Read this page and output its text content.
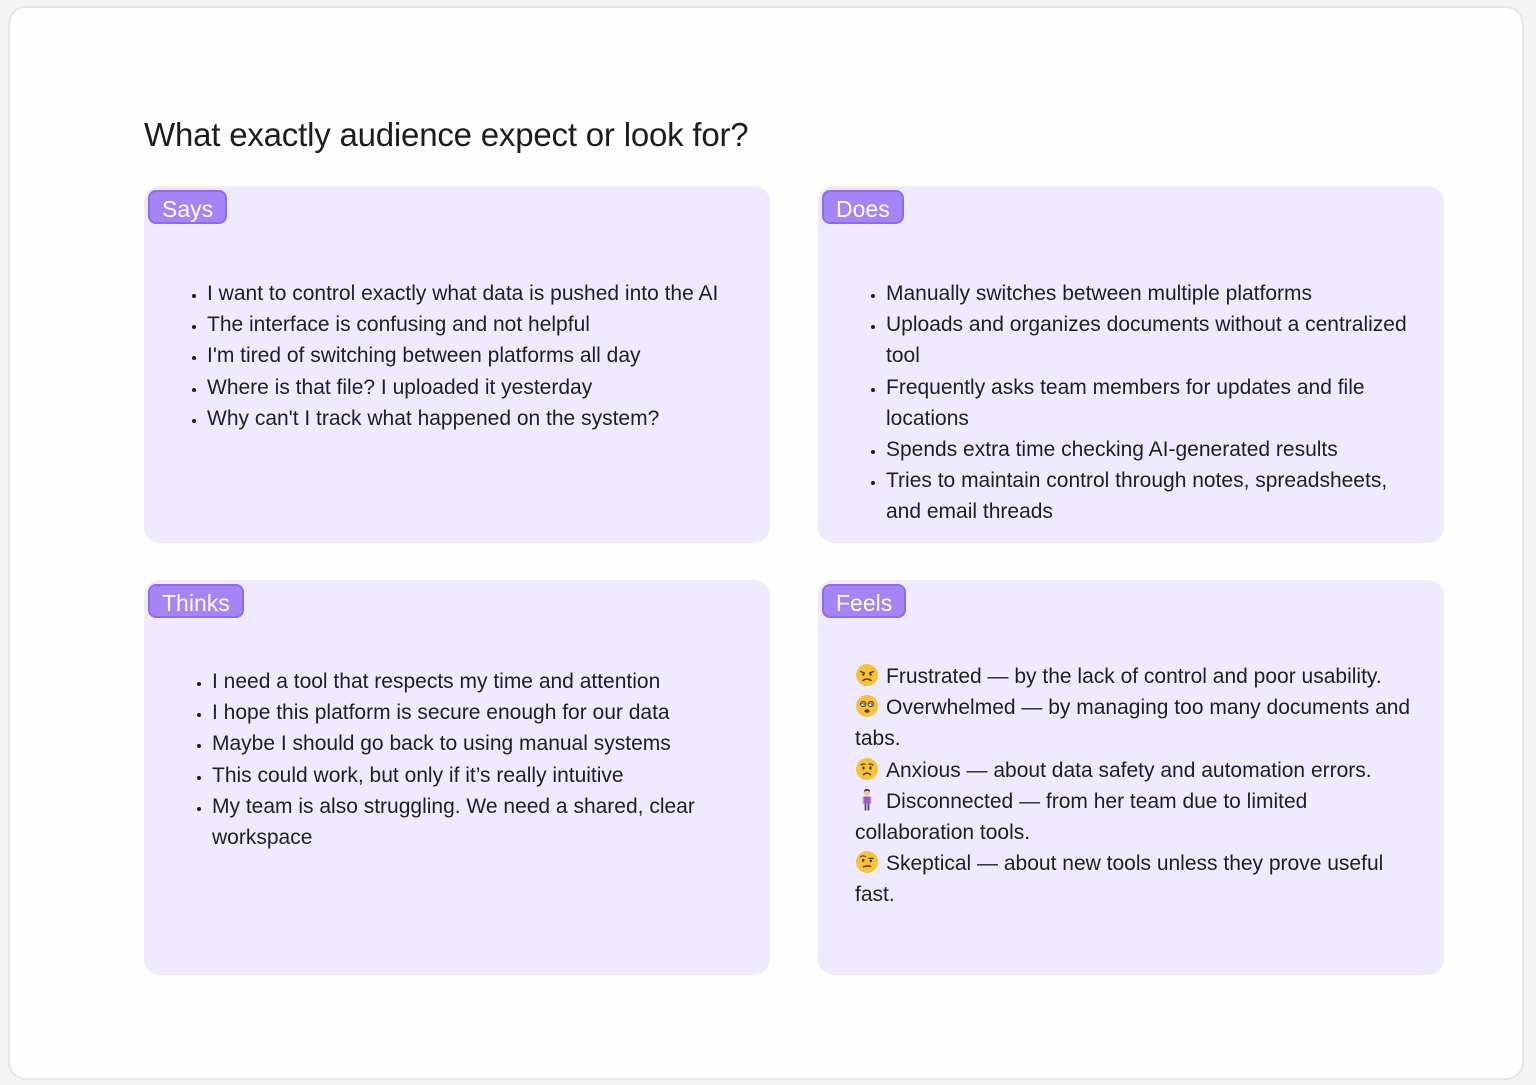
What exactly audience expect or look for?
Says
• I want to control exactly what data is pushed into the AI
• The interface is confusing and not helpful
• I'm tired of switching between platforms all day
• Where is that file? I uploaded it yesterday
• Why can't I track what happened on the system?
Does
• Manually switches between multiple platforms
• Uploads and organizes documents without a centralized tool
• Frequently asks team members for updates and file locations
• Spends extra time checking AI-generated results
• Tries to maintain control through notes, spreadsheets, and email threads
Thinks
• I need a tool that respects my time and attention
• I hope this platform is secure enough for our data
• Maybe I should go back to using manual systems
• This could work, but only if it’s really intuitive
• My team is also struggling. We need a shared, clear workspace
Feels
Frustrated — by the lack of control and poor usability.
Overwhelmed — by managing too many documents and tabs.
Anxious — about data safety and automation errors.
Disconnected — from her team due to limited collaboration tools.
Skeptical — about new tools unless they prove useful fast.
